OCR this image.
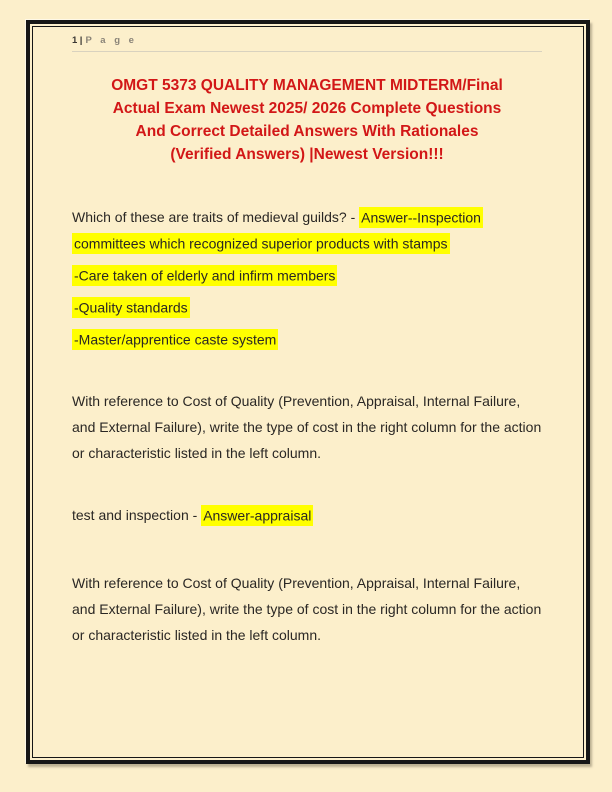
1 | P a g e
OMGT 5373 QUALITY MANAGEMENT MIDTERM/Final
Actual Exam Newest 2025/ 2026 Complete Questions
And Correct Detailed Answers With Rationales
(Verified Answers) |Newest Version!!!

Which of these are traits of medieval guilds? - Answer--Inspection committees which recognized superior products with stamps

-Care taken of elderly and infirm members

-Quality standards

-Master/apprentice caste system

With reference to Cost of Quality (Prevention, Appraisal, Internal Failure, and External Failure), write the type of cost in the right column for the action or characteristic listed in the left column.

test and inspection - Answer-appraisal

With reference to Cost of Quality (Prevention, Appraisal, Internal Failure, and External Failure), write the type of cost in the right column for the action or characteristic listed in the left column.
